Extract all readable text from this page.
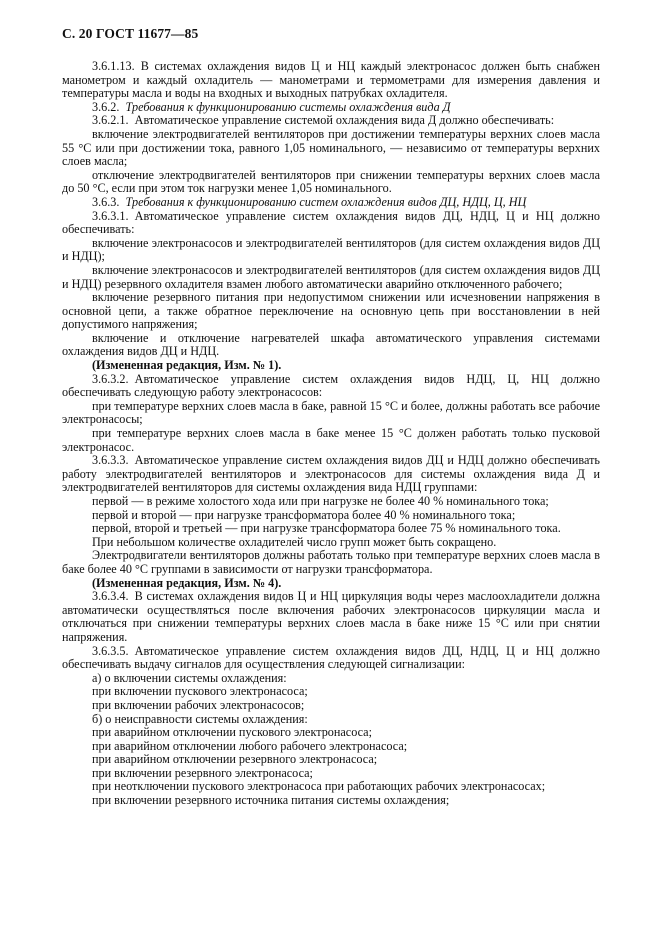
С. 20 ГОСТ 11677—85

3.6.1.13.  В системах охлаждения видов Ц и НЦ каждый электронасос должен быть снабжен манометром и каждый охладитель — манометрами и термометрами для измерения давления и температуры масла и воды на входных и выходных патрубках охладителя.

3.6.2.  Требования к функционированию системы охлаждения вида Д

3.6.2.1.  Автоматическое управление системой охлаждения вида Д должно обеспечивать:

включение электродвигателей вентиляторов при достижении температуры верхних слоев масла 55 °С или при достижении тока, равного 1,05 номинального, — независимо от температуры верхних слоев масла;

отключение электродвигателей вентиляторов при снижении температуры верхних слоев масла до 50 °С, если при этом ток нагрузки менее 1,05 номинального.

3.6.3.  Требования к функционированию систем охлаждения видов ДЦ, НДЦ, Ц, НЦ

3.6.3.1.  Автоматическое управление систем охлаждения видов ДЦ, НДЦ, Ц и НЦ должно обеспечивать:

включение электронасосов и электродвигателей вентиляторов (для систем охлаждения видов ДЦ и НДЦ);

включение электронасосов и электродвигателей вентиляторов (для систем охлаждения видов ДЦ и НДЦ) резервного охладителя взамен любого автоматически аварийно отключенного рабочего;

включение резервного питания при недопустимом снижении или исчезновении напряжения в основной цепи, а также обратное переключение на основную цепь при восстановлении в ней допустимого напряжения;

включение и отключение нагревателей шкафа автоматического управления системами охлаждения видов ДЦ и НДЦ.

(Измененная редакция, Изм. № 1).

3.6.3.2.  Автоматическое управление систем охлаждения видов НДЦ, Ц, НЦ должно обеспечивать следующую работу электронасосов:

при температуре верхних слоев масла в баке, равной 15 °С и более, должны работать все рабочие электронасосы;

при температуре верхних слоев масла в баке менее 15 °С должен работать только пусковой электронасос.

3.6.3.3.  Автоматическое управление систем охлаждения видов ДЦ и НДЦ должно обеспечивать работу электродвигателей вентиляторов и электронасосов для системы охлаждения вида Д и электродвигателей вентиляторов для системы охлаждения вида НДЦ группами:

первой — в режиме холостого хода или при нагрузке не более 40 % номинального тока;

первой и второй — при нагрузке трансформатора более 40 % номинального тока;

первой, второй и третьей — при нагрузке трансформатора более 75 % номинального тока.

При небольшом количестве охладителей число групп может быть сокращено.

Электродвигатели вентиляторов должны работать только при температуре верхних слоев масла в баке более 40 °С группами в зависимости от нагрузки трансформатора.

(Измененная редакция, Изм. № 4).

3.6.3.4.  В системах охлаждения видов Ц и НЦ циркуляция воды через маслоохладители должна автоматически осуществляться после включения рабочих электронасосов циркуляции масла и отключаться при снижении температуры верхних слоев масла в баке ниже 15 °С или при снятии напряжения.

3.6.3.5.  Автоматическое управление систем охлаждения видов ДЦ, НДЦ, Ц и НЦ должно обеспечивать выдачу сигналов для осуществления следующей сигнализации:

а) о включении системы охлаждения:

при включении пускового электронасоса;

при включении рабочих электронасосов;

б) о неисправности системы охлаждения:

при аварийном отключении пускового электронасоса;

при аварийном отключении любого рабочего электронасоса;

при аварийном отключении резервного электронасоса;

при включении резервного электронасоса;

при неотключении пускового электронасоса при работающих рабочих электронасосах;

при включении резервного источника питания системы охлаждения;
